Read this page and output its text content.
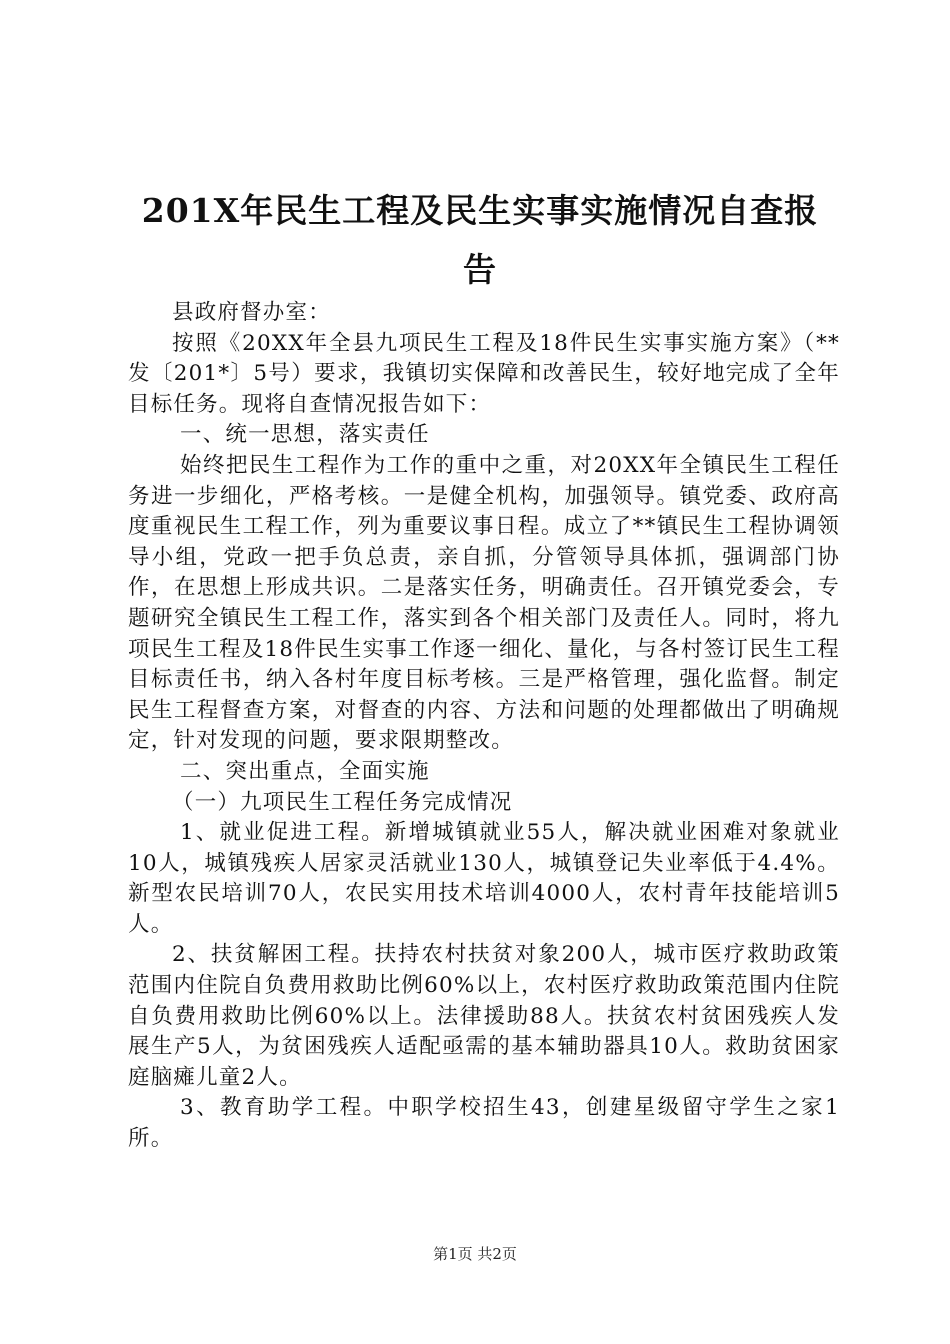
201X年民生工程及民生实事实施情况自查报
告

县政府督办室：

按照《20XX年全县九项民生工程及18件民生实事实施方案》（**发〔201*〕5号）要求，我镇切实保障和改善民生，较好地完成了全年目标任务。现将自查情况报告如下：

一、统一思想，落实责任

始终把民生工程作为工作的重中之重，对20XX年全镇民生工程任务进一步细化，严格考核。一是健全机构，加强领导。镇党委、政府高度重视民生工程工作，列为重要议事日程。成立了**镇民生工程协调领导小组，党政一把手负总责，亲自抓，分管领导具体抓，强调部门协作，在思想上形成共识。二是落实任务，明确责任。召开镇党委会，专题研究全镇民生工程工作，落实到各个相关部门及责任人。同时，将九项民生工程及18件民生实事工作逐一细化、量化，与各村签订民生工程目标责任书，纳入各村年度目标考核。三是严格管理，强化监督。制定民生工程督查方案，对督查的内容、方法和问题的处理都做出了明确规定，针对发现的问题，要求限期整改。

二、突出重点，全面实施

（一）九项民生工程任务完成情况

1、就业促进工程。新增城镇就业55人，解决就业困难对象就业10人，城镇残疾人居家灵活就业130人，城镇登记失业率低于4.4%。新型农民培训70人，农民实用技术培训4000人，农村青年技能培训5人。

2、扶贫解困工程。扶持农村扶贫对象200人，城市医疗救助政策范围内住院自负费用救助比例60%以上，农村医疗救助政策范围内住院自负费用救助比例60%以上。法律援助88人。扶贫农村贫困残疾人发展生产5人，为贫困残疾人适配亟需的基本辅助器具10人。救助贫困家庭脑瘫儿童2人。

3、教育助学工程。中职学校招生43，创建星级留守学生之家1所。

第1页 共2页
